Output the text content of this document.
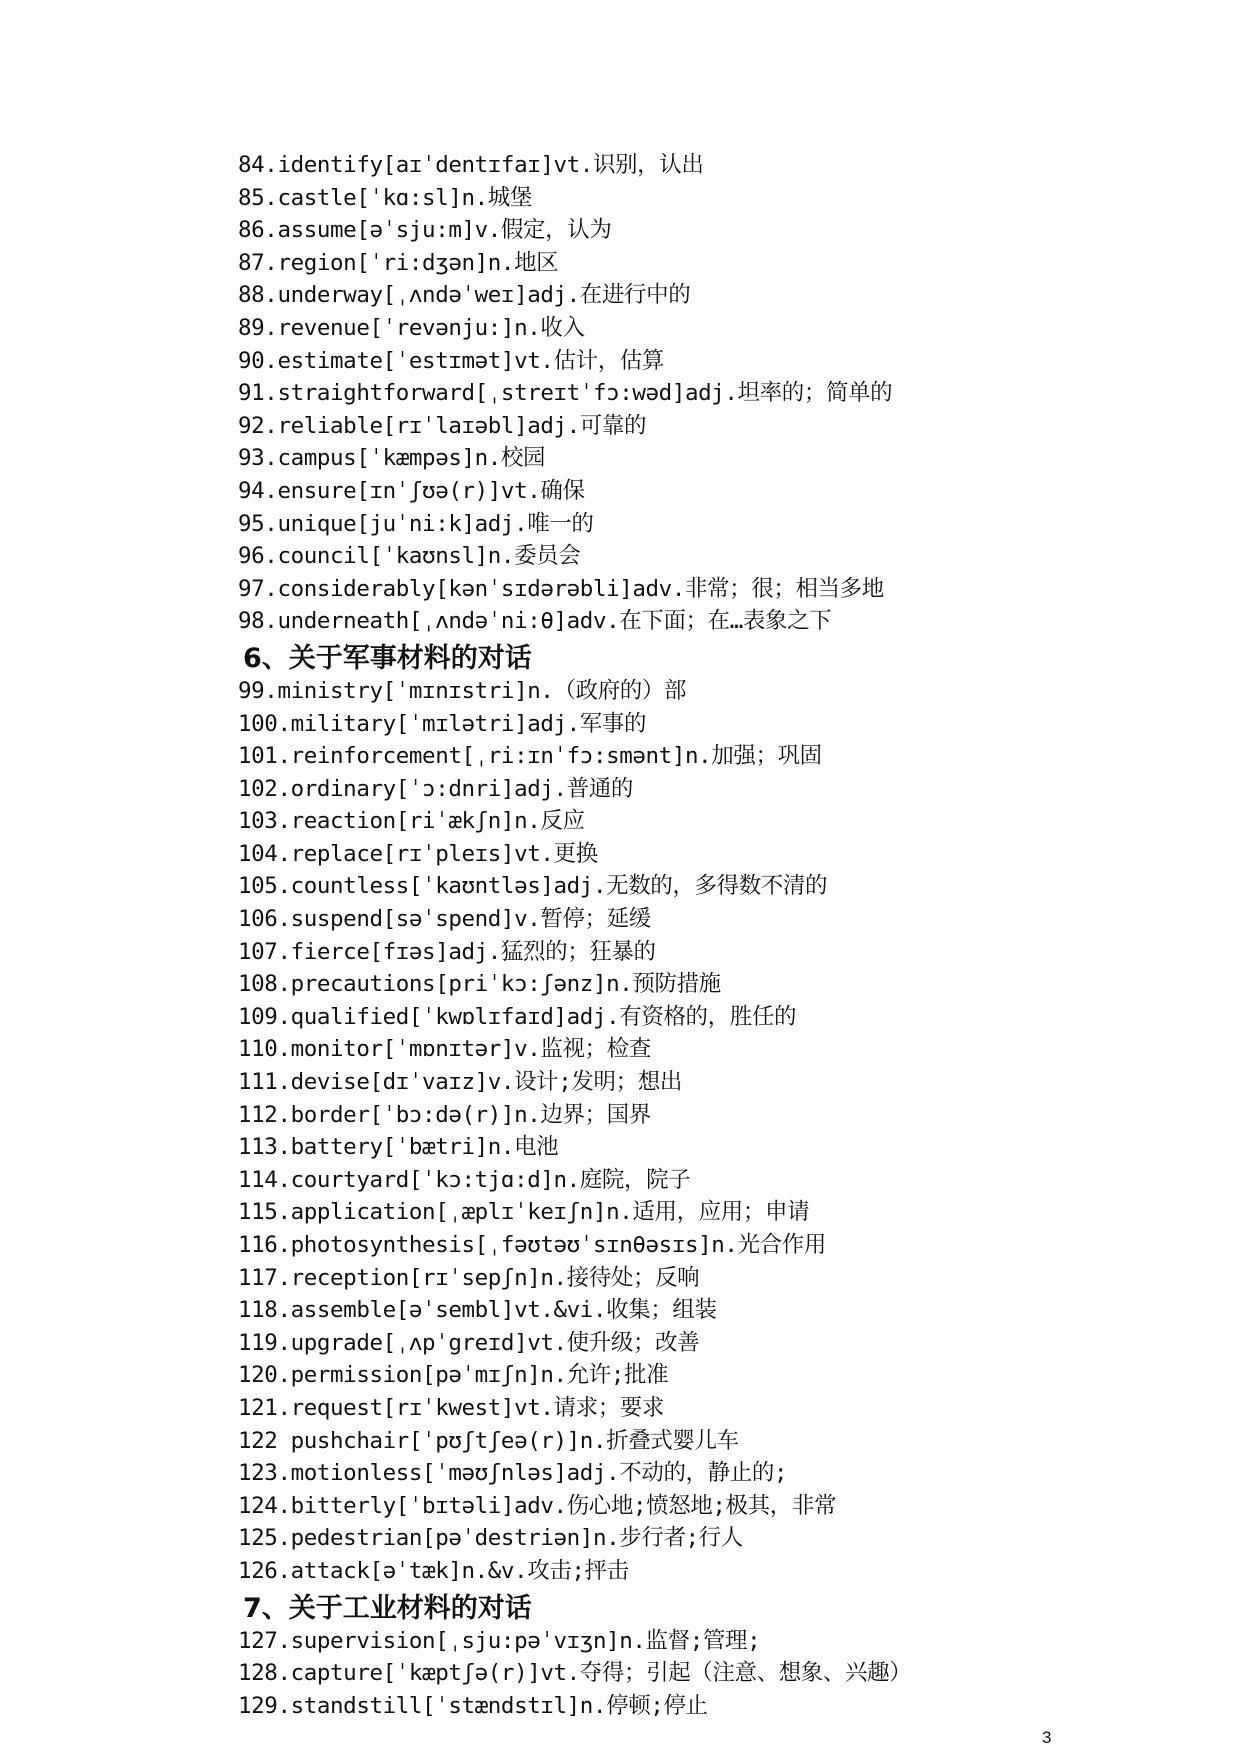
84.identify[aɪˈdentɪfaɪ]vt.识别，认出
85.castle[ˈkɑ:sl]n.城堡
86.assume[əˈsju:m]v.假定，认为
87.region[ˈri:dʒən]n.地区
88.underway[ˌʌndəˈweɪ]adj.在进行中的
89.revenue[ˈrevənju:]n.收入
90.estimate[ˈestɪmət]vt.估计，估算
91.straightforward[ˌstreɪtˈfɔ:wəd]adj.坦率的；简单的
92.reliable[rɪˈlaɪəbl]adj.可靠的
93.campus[ˈkæmpəs]n.校园
94.ensure[ɪnˈʃʊə(r)]vt.确保
95.unique[juˈni:k]adj.唯一的
96.council[ˈkaʊnsl]n.委员会
97.considerably[kənˈsɪdərəbli]adv.非常；很；相当多地
98.underneath[ˌʌndəˈni:θ]adv.在下面；在…表象之下
6、关于军事材料的对话
99.ministry[ˈmɪnɪstri]n.（政府的）部
100.military[ˈmɪlətri]adj.军事的
101.reinforcement[ˌri:ɪnˈfɔ:smənt]n.加强；巩固
102.ordinary[ˈɔ:dnri]adj.普通的
103.reaction[riˈækʃn]n.反应
104.replace[rɪˈpleɪs]vt.更换
105.countless[ˈkaʊntləs]adj.无数的，多得数不清的
106.suspend[səˈspend]v.暂停；延缓
107.fierce[fɪəs]adj.猛烈的；狂暴的
108.precautions[priˈkɔ:ʃənz]n.预防措施
109.qualified[ˈkwɒlɪfaɪd]adj.有资格的，胜任的
110.monitor[ˈmɒnɪtər]v.监视；检查
111.devise[dɪˈvaɪz]v.设计;发明；想出
112.border[ˈbɔ:də(r)]n.边界；国界
113.battery[ˈbætri]n.电池
114.courtyard[ˈkɔ:tjɑ:d]n.庭院，院子
115.application[ˌæplɪˈkeɪʃn]n.适用，应用；申请
116.photosynthesis[ˌfəʊtəʊˈsɪnθəsɪs]n.光合作用
117.reception[rɪˈsepʃn]n.接待处；反响
118.assemble[əˈsembl]vt.&vi.收集；组装
119.upgrade[ˌʌpˈgreɪd]vt.使升级；改善
120.permission[pəˈmɪʃn]n.允许;批准
121.request[rɪˈkwest]vt.请求；要求
122 pushchair[ˈpʊʃtʃeə(r)]n.折叠式婴儿车
123.motionless[ˈməʊʃnləs]adj.不动的，静止的;
124.bitterly[ˈbɪtəli]adv.伤心地;愤怒地;极其，非常
125.pedestrian[pəˈdestriən]n.步行者;行人
126.attack[əˈtæk]n.&v.攻击;抨击
7、关于工业材料的对话
127.supervision[ˌsju:pəˈvɪʒn]n.监督;管理;
128.capture[ˈkæptʃə(r)]vt.夺得；引起（注意、想象、兴趣）
129.standstill[ˈstændstɪl]n.停顿;停止
3
